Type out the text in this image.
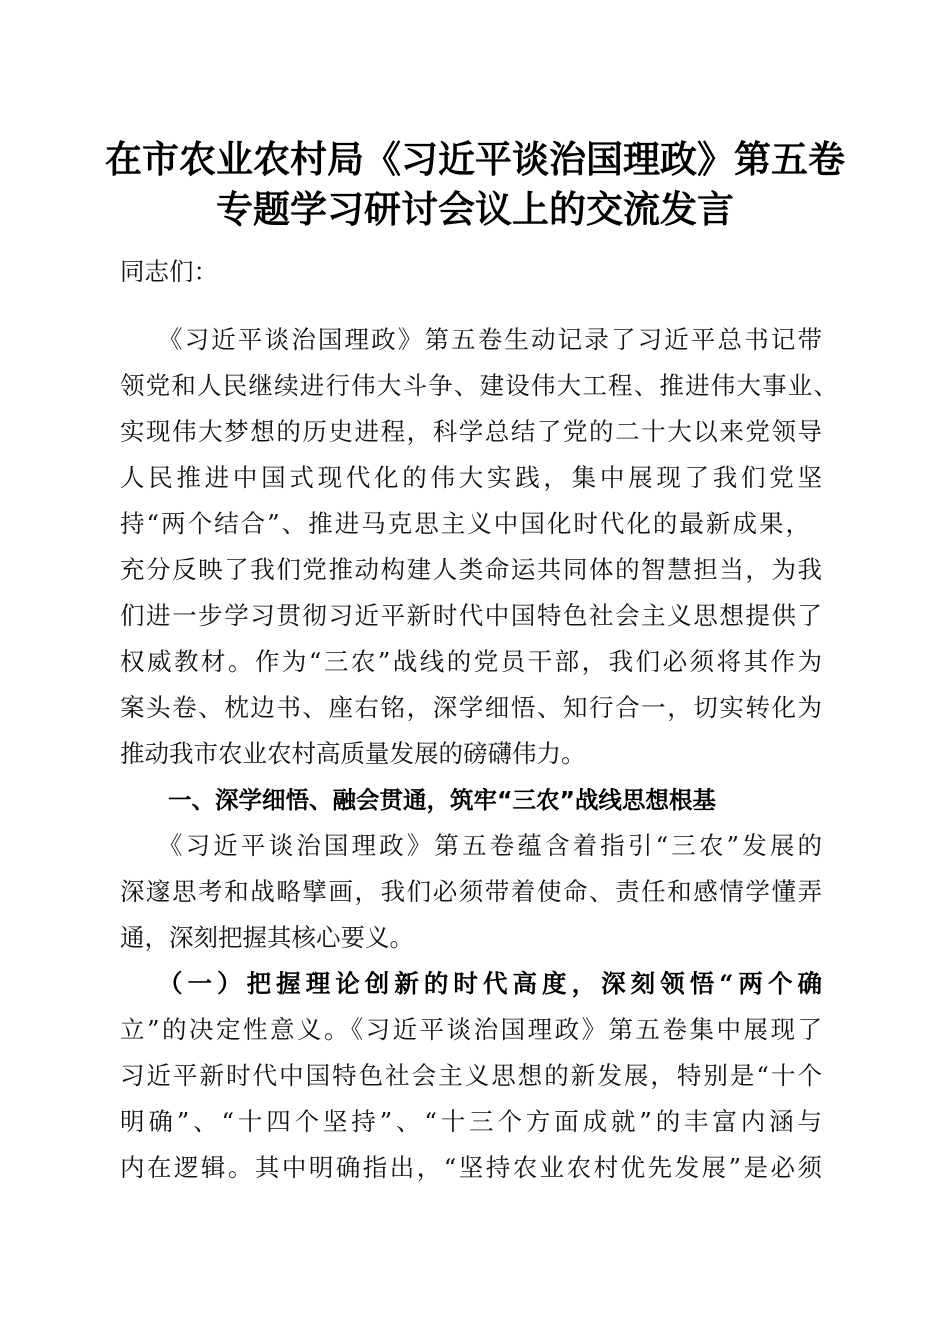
在市农业农村局《习近平谈治国理政》第五卷
专题学习研讨会议上的交流发言
同志们：
《习近平谈治国理政》第五卷生动记录了习近平总书记带
领党和人民继续进行伟大斗争、建设伟大工程、推进伟大事业、
实现伟大梦想的历史进程，科学总结了党的二十大以来党领导
人民推进中国式现代化的伟大实践，集中展现了我们党坚
持“两个结合”、推进马克思主义中国化时代化的最新成果，
充分反映了我们党推动构建人类命运共同体的智慧担当，为我
们进一步学习贯彻习近平新时代中国特色社会主义思想提供了
权威教材。作为“三农”战线的党员干部，我们必须将其作为
案头卷、枕边书、座右铭，深学细悟、知行合一，切实转化为
推动我市农业农村高质量发展的磅礴伟力。
一、深学细悟、融会贯通，筑牢“三农”战线思想根基
《习近平谈治国理政》第五卷蕴含着指引“三农”发展的
深邃思考和战略擘画，我们必须带着使命、责任和感情学懂弄
通，深刻把握其核心要义。
（一）把握理论创新的时代高度，深刻领悟“两个确
立”的决定性意义。《习近平谈治国理政》第五卷集中展现了
习近平新时代中国特色社会主义思想的新发展，特别是“十个
明确”、“十四个坚持”、“十三个方面成就”的丰富内涵与
内在逻辑。其中明确指出，“坚持农业农村优先发展”是必须
